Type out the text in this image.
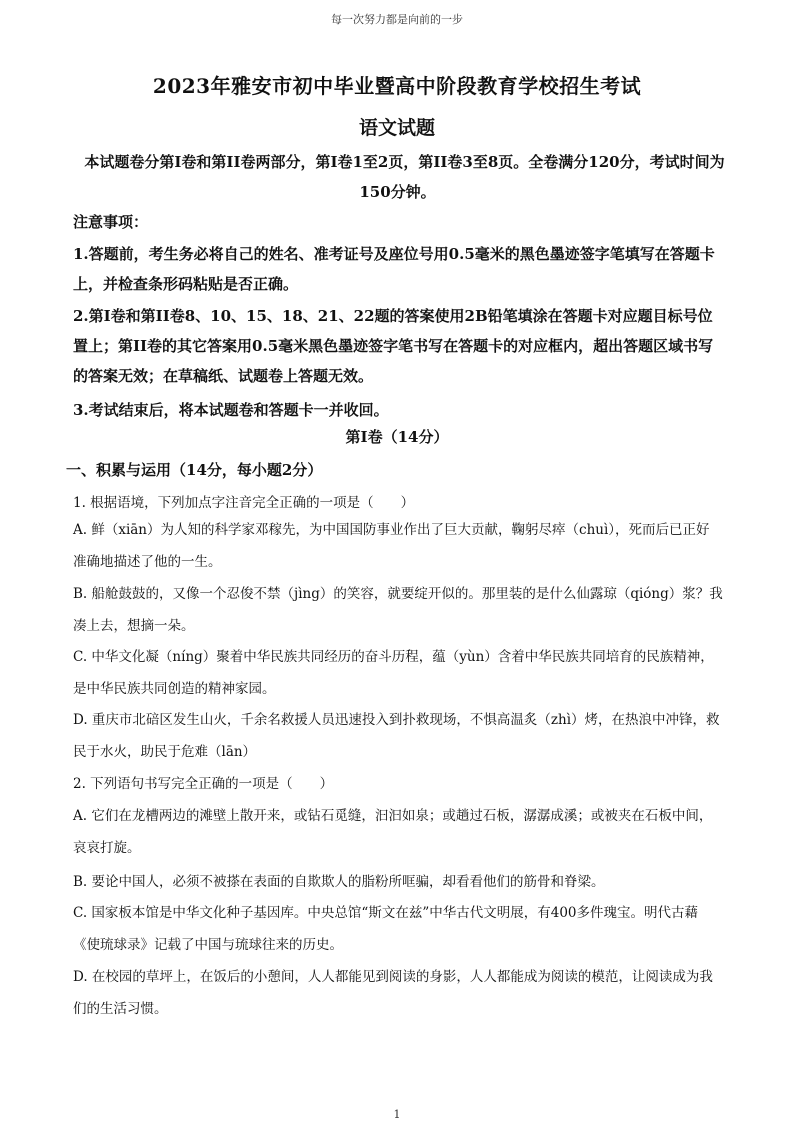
每一次努力都是向前的一步
2023年雅安市初中毕业暨高中阶段教育学校招生考试
语文试题
本试题卷分第Ⅰ卷和第II卷两部分，第Ⅰ卷1至2页，第II卷3至8页。全卷满分120分，考试时间为150分钟。
注意事项：
1.答题前，考生务必将自己的姓名、准考证号及座位号用0.5毫米的黑色墨迹签字笔填写在答题卡上，并检查条形码粘贴是否正确。
2.第Ⅰ卷和第II卷8、10、15、18、21、22题的答案使用2B铅笔填涂在答题卡对应题目标号位置上；第II卷的其它答案用0.5毫米黑色墨迹签字笔书写在答题卡的对应框内，超出答题区域书写的答案无效；在草稿纸、试题卷上答题无效。
3.考试结束后，将本试题卷和答题卡一并收回。
第Ⅰ卷（14分）
一、积累与运用（14分，每小题2分）
1. 根据语境，下列加点字注音完全正确的一项是（　　）
A. 鲜（xiān）为人知的科学家邓稼先，为中国国防事业作出了巨大贡献，鞠躬尽瘁（chuì），死而后已正好准确地描述了他的一生。
B. 船舱鼓鼓的，又像一个忍俊不禁（jìng）的笑容，就要绽开似的。那里装的是什么仙露琼（qióng）浆？我凑上去，想摘一朵。
C. 中华文化凝（níng）聚着中华民族共同经历的奋斗历程，蕴（yùn）含着中华民族共同培育的民族精神，是中华民族共同创造的精神家园。
D. 重庆市北碚区发生山火，千余名救援人员迅速投入到扑救现场，不惧高温炙（zhì）烤，在热浪中冲锋，救民于水火，助民于危难（lān）
2. 下列语句书写完全正确的一项是（　　）
A. 它们在龙槽两边的滩壁上散开来，或钻石觅缝，汩汩如泉；或趟过石板，潺潺成溪；或被夹在石板中间，哀哀打旋。
B. 要论中国人，必须不被搽在表面的自欺欺人的脂粉所哐骗，却看看他们的筋骨和脊梁。
C. 国家板本馆是中华文化种子基因库。中央总馆“斯文在兹”中华古代文明展，有400多件瑰宝。明代古藉《使琉球录》记载了中国与琉球往来的历史。
D. 在校园的草坪上，在饭后的小憩间，人人都能见到阅读的身影，人人都能成为阅读的模范，让阅读成为我们的生活习惯。
1
